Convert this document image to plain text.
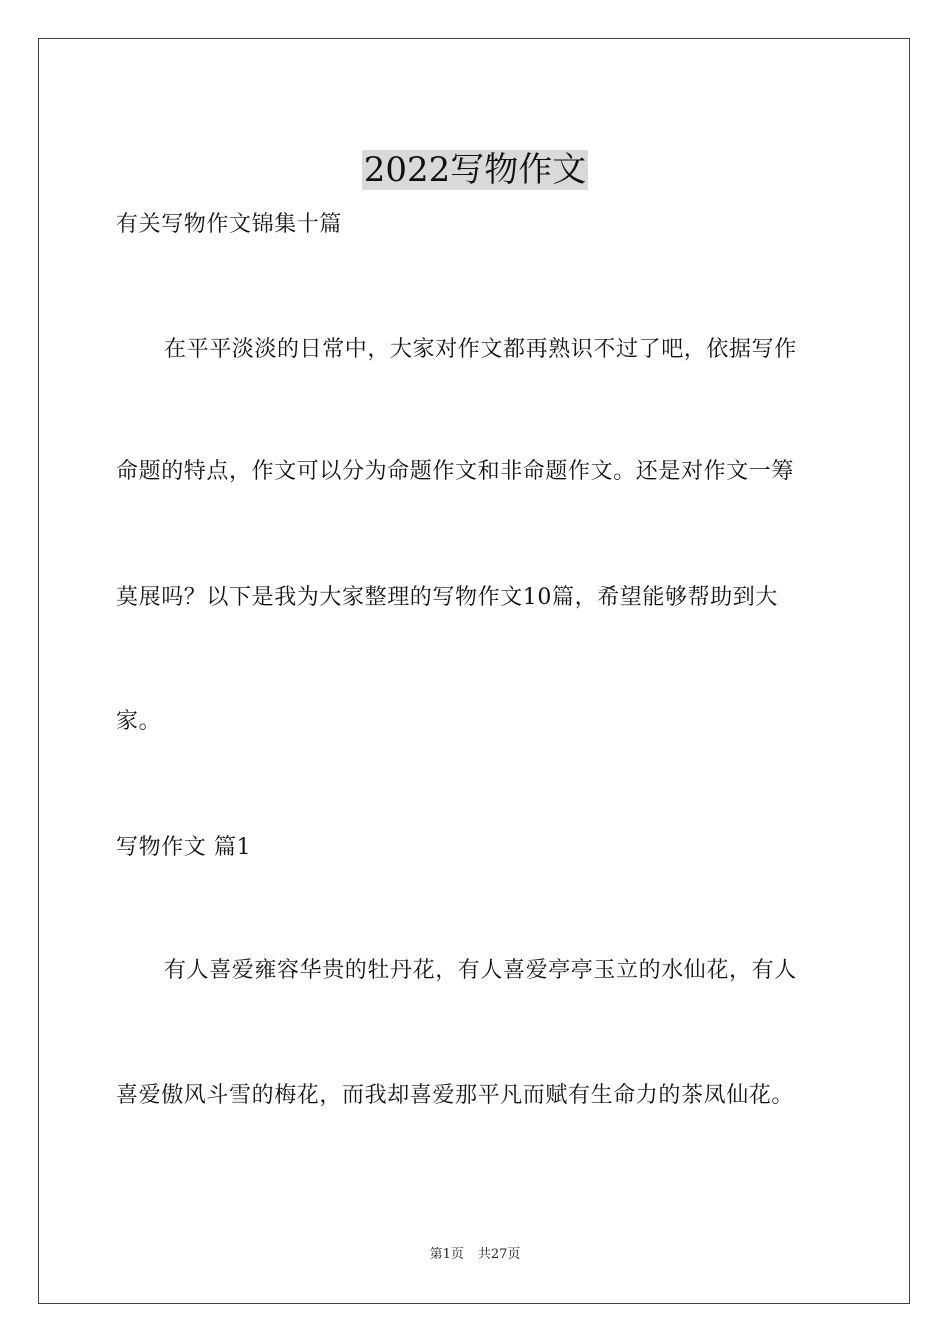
2022写物作文
有关写物作文锦集十篇
在平平淡淡的日常中，大家对作文都再熟识不过了吧，依据写作
命题的特点，作文可以分为命题作文和非命题作文。还是对作文一筹
莫展吗？以下是我为大家整理的写物作文10篇，希望能够帮助到大
家。
写物作文 篇1
有人喜爱雍容华贵的牡丹花，有人喜爱亭亭玉立的水仙花，有人
喜爱傲风斗雪的梅花，而我却喜爱那平凡而赋有生命力的茶凤仙花。
第1页 共27页
